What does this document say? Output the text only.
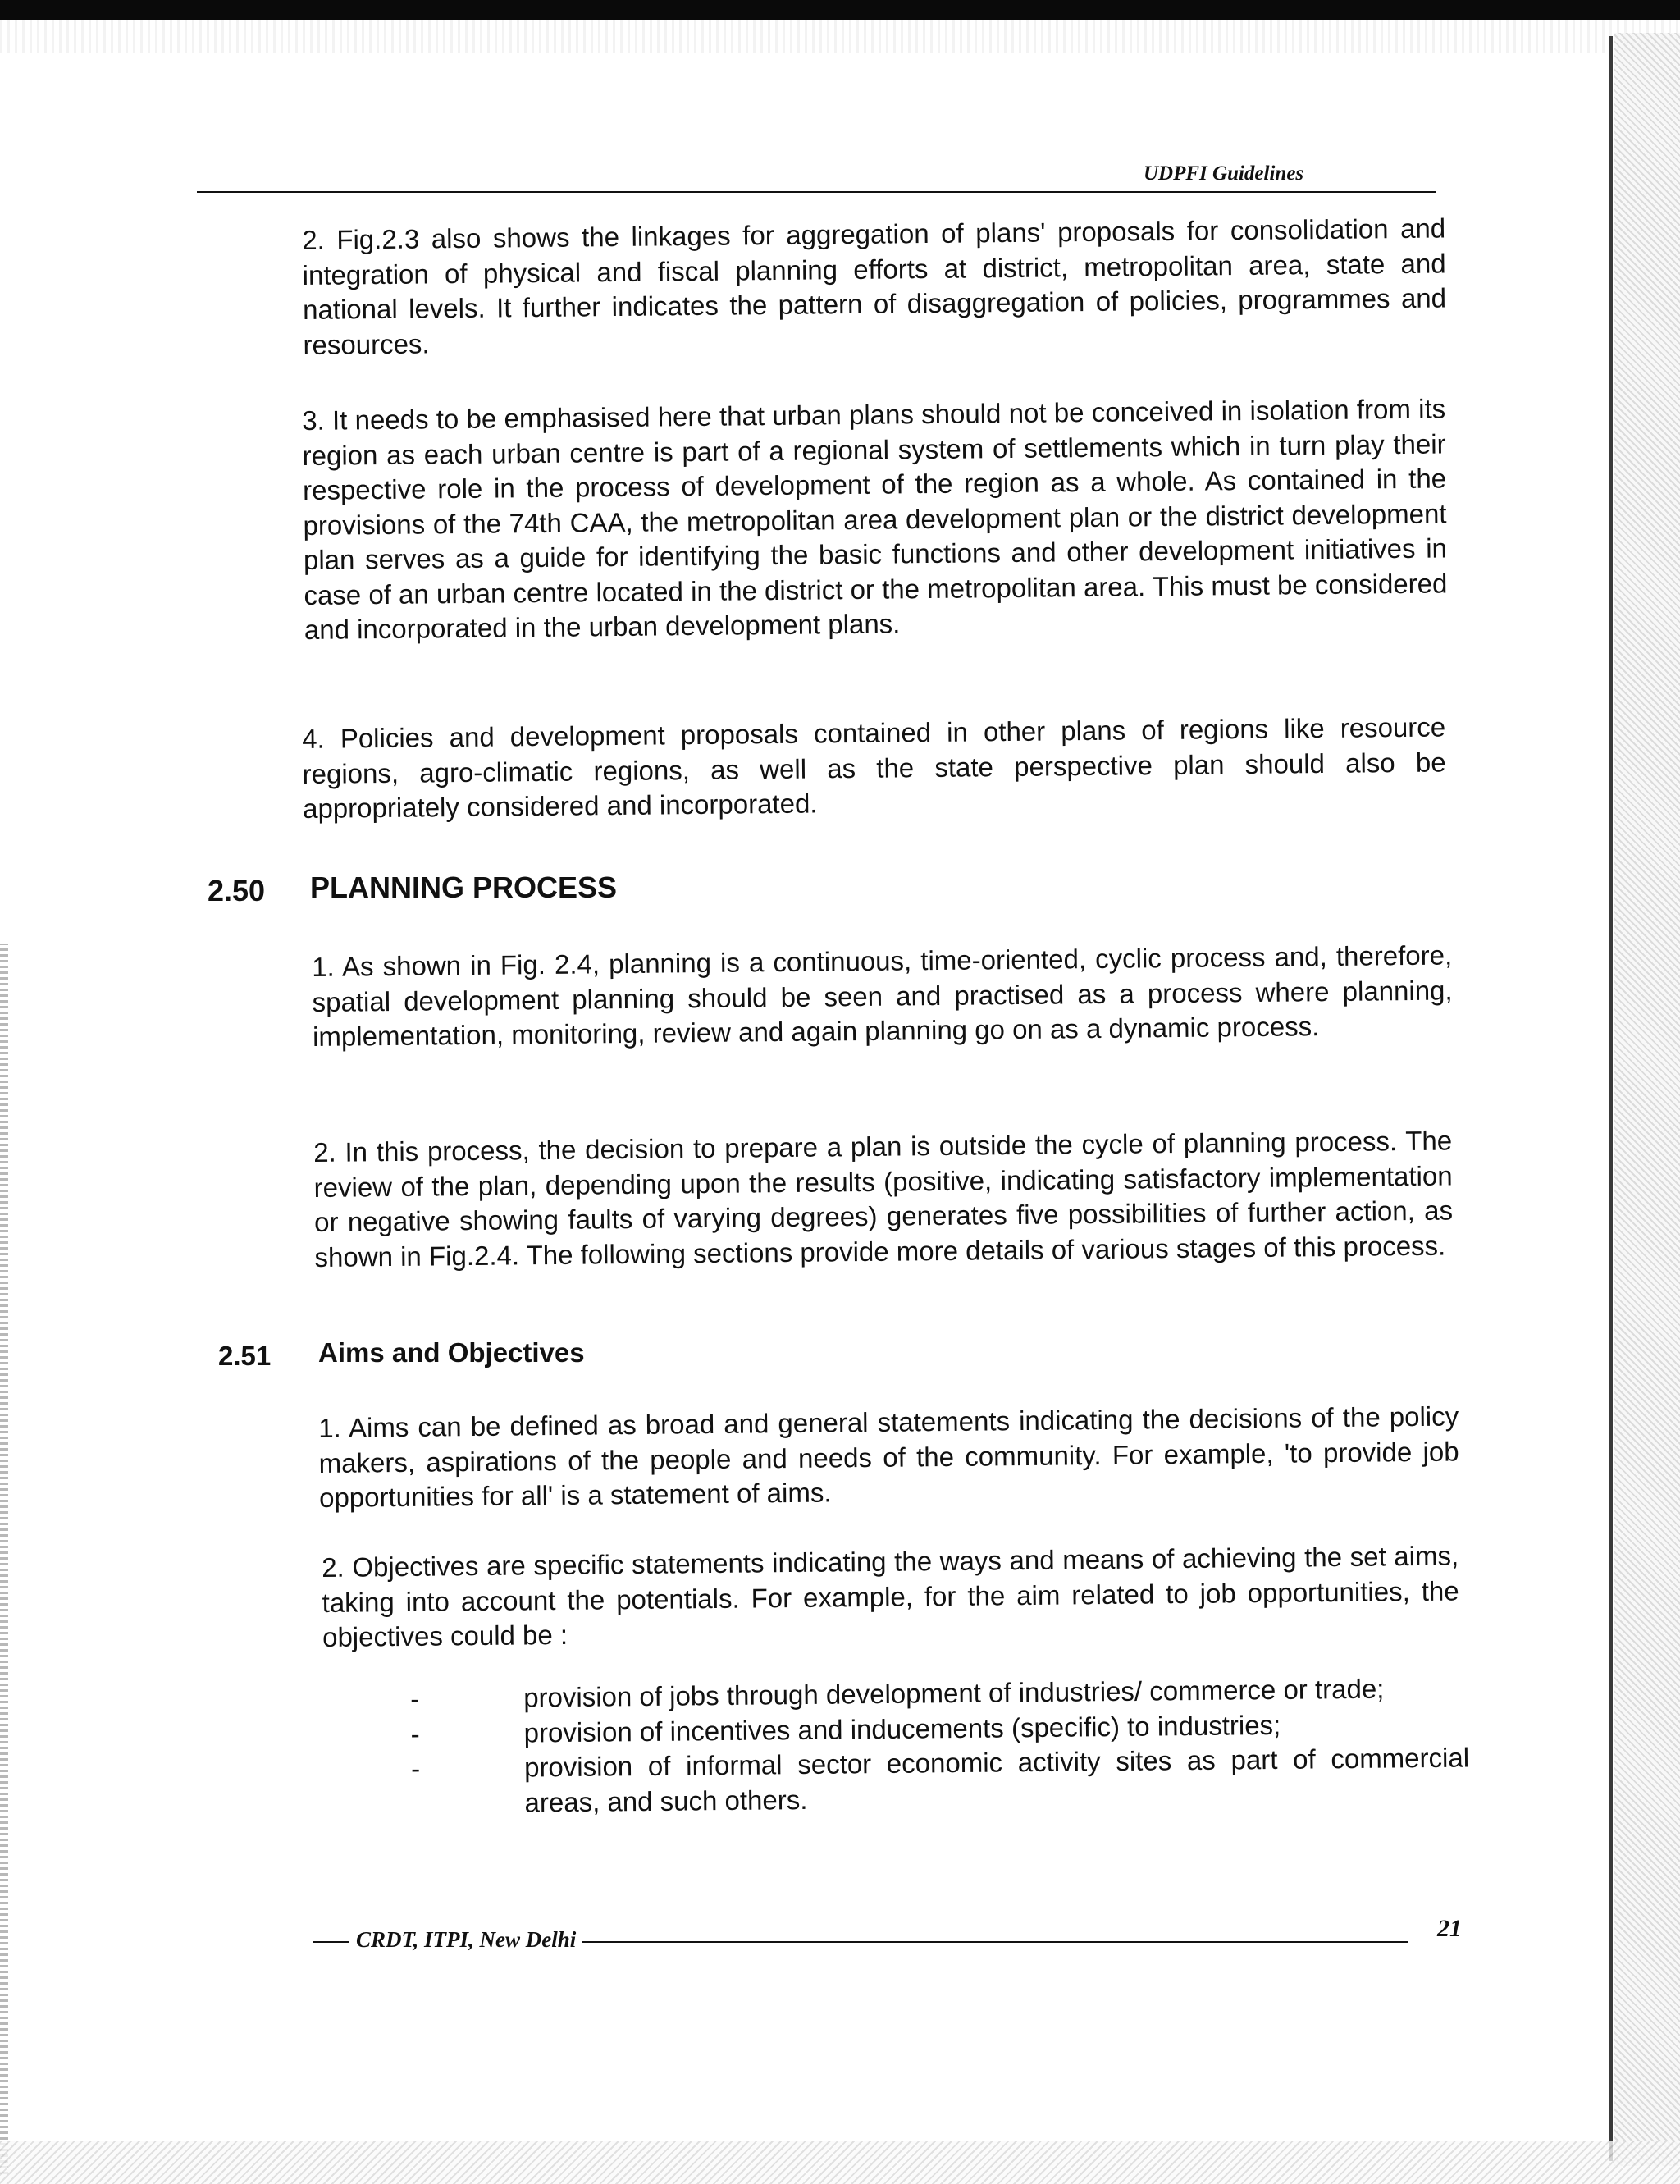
UDPFI Guidelines

2. Fig.2.3 also shows the linkages for aggregation of plans' proposals for consolidation and integration of physical and fiscal planning efforts at district, metropolitan area, state and national levels. It further indicates the pattern of disaggregation of policies, programmes and resources.

3. It needs to be emphasised here that urban plans should not be conceived in isolation from its region as each urban centre is part of a regional system of settlements which in turn play their respective role in the process of development of the region as a whole. As contained in the provisions of the 74th CAA, the metropolitan area development plan or the district development plan serves as a guide for identifying the basic functions and other development initiatives in case of an urban centre located in the district or the metropolitan area. This must be considered and incorporated in the urban development plans.

4. Policies and development proposals contained in other plans of regions like resource regions, agro-climatic regions, as well as the state perspective plan should also be appropriately considered and incorporated.

2.50 PLANNING PROCESS

1. As shown in Fig. 2.4, planning is a continuous, time-oriented, cyclic process and, therefore, spatial development planning should be seen and practised as a process where planning, implementation, monitoring, review and again planning go on as a dynamic process.

2. In this process, the decision to prepare a plan is outside the cycle of planning process. The review of the plan, depending upon the results (positive, indicating satisfactory implementation or negative showing faults of varying degrees) generates five possibilities of further action, as shown in Fig.2.4. The following sections provide more details of various stages of this process.

2.51 Aims and Objectives

1. Aims can be defined as broad and general statements indicating the decisions of the policy makers, aspirations of the people and needs of the community. For example, 'to provide job opportunities for all' is a statement of aims.

2. Objectives are specific statements indicating the ways and means of achieving the set aims, taking into account the potentials. For example, for the aim related to job opportunities, the objectives could be :

-	provision of jobs through development of industries/ commerce or trade;
-	provision of incentives and inducements (specific) to industries;
-	provision of informal sector economic activity sites as part of commercial areas, and such others.
CRDT, ITPI, New Delhi	21
